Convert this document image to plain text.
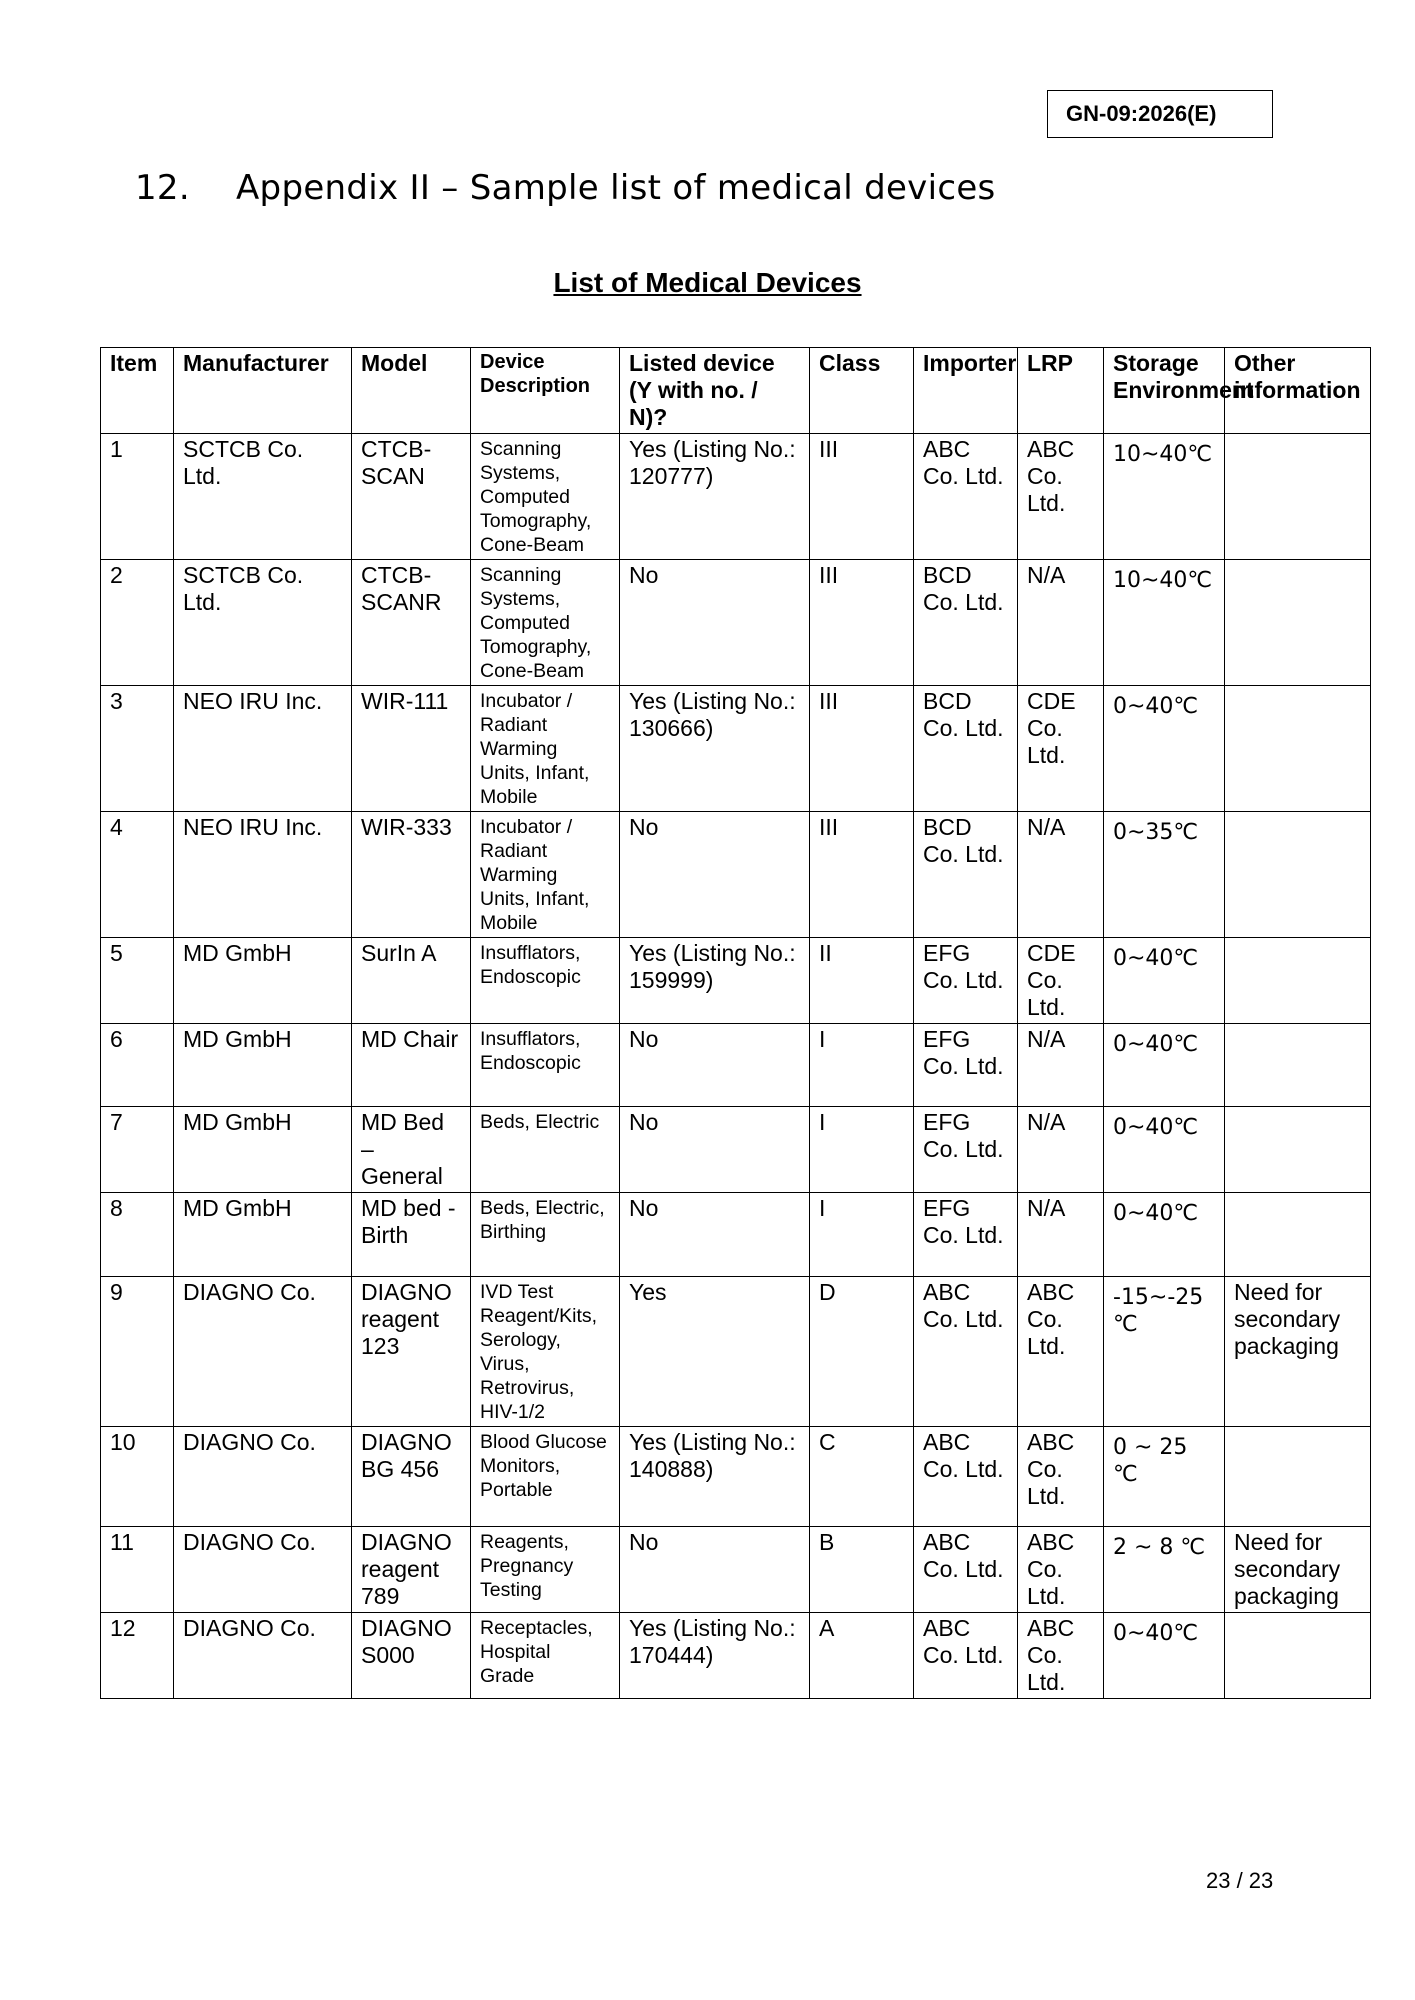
GN-09:2026(E)
12. Appendix II – Sample list of medical devices
List of Medical Devices
Item	Manufacturer	Model	Device Description	Listed device (Y with no. / N)?	Class	Importer	LRP	Storage Environment	Other information
1	SCTCB Co. Ltd.	CTCB-SCAN	Scanning Systems, Computed Tomography, Cone-Beam	Yes (Listing No.: 120777)	III	ABC Co. Ltd.	ABC Co. Ltd.	10~40℃	
2	SCTCB Co. Ltd.	CTCB-SCANR	Scanning Systems, Computed Tomography, Cone-Beam	No	III	BCD Co. Ltd.	N/A	10~40℃	
3	NEO IRU Inc.	WIR-111	Incubator / Radiant Warming Units, Infant, Mobile	Yes (Listing No.: 130666)	III	BCD Co. Ltd.	CDE Co. Ltd.	0~40℃	
4	NEO IRU Inc.	WIR-333	Incubator / Radiant Warming Units, Infant, Mobile	No	III	BCD Co. Ltd.	N/A	0~35℃	
5	MD GmbH	SurIn A	Insufflators, Endoscopic	Yes (Listing No.: 159999)	II	EFG Co. Ltd.	CDE Co. Ltd.	0~40℃	
6	MD GmbH	MD Chair	Insufflators, Endoscopic	No	I	EFG Co. Ltd.	N/A	0~40℃	
7	MD GmbH	MD Bed – General	Beds, Electric	No	I	EFG Co. Ltd.	N/A	0~40℃	
8	MD GmbH	MD bed - Birth	Beds, Electric, Birthing	No	I	EFG Co. Ltd.	N/A	0~40℃	
9	DIAGNO Co.	DIAGNO reagent 123	IVD Test Reagent/Kits, Serology, Virus, Retrovirus, HIV-1/2	Yes	D	ABC Co. Ltd.	ABC Co. Ltd.	-15~-25 ℃	Need for secondary packaging
10	DIAGNO Co.	DIAGNO BG 456	Blood Glucose Monitors, Portable	Yes (Listing No.: 140888)	C	ABC Co. Ltd.	ABC Co. Ltd.	0 ~ 25 ℃	
11	DIAGNO Co.	DIAGNO reagent 789	Reagents, Pregnancy Testing	No	B	ABC Co. Ltd.	ABC Co. Ltd.	2 ~ 8 ℃	Need for secondary packaging
12	DIAGNO Co.	DIAGNO S000	Receptacles, Hospital Grade	Yes (Listing No.: 170444)	A	ABC Co. Ltd.	ABC Co. Ltd.	0~40℃	
23 / 23
